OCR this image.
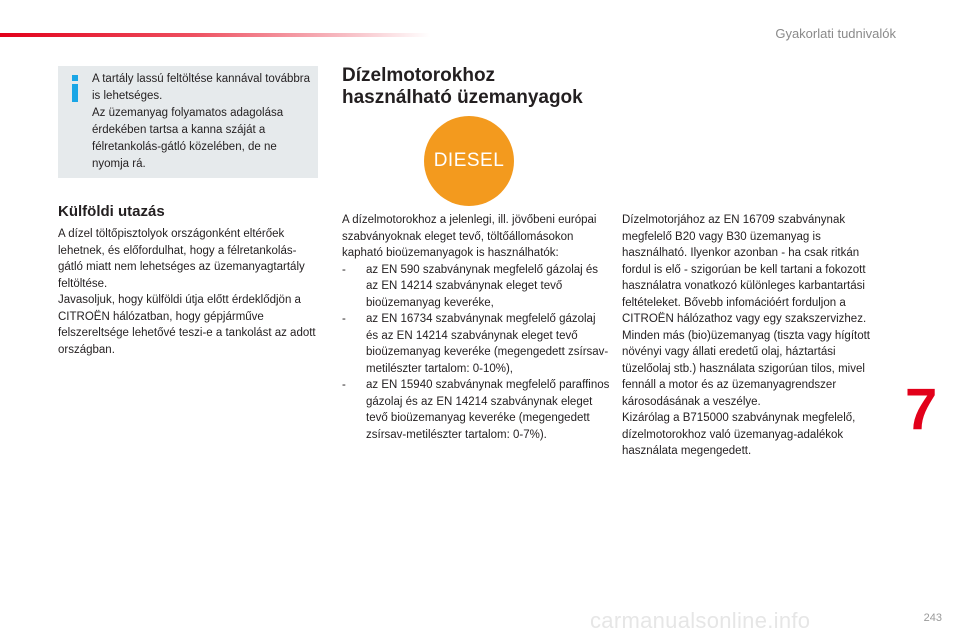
Gyakorlati tudnivalók

A tartály lassú feltöltése kannával továbbra is lehetséges.

Az üzemanyag folyamatos adagolása érdekében tartsa a kanna száját a félretankolás-gátló közelében, de ne nyomja rá.

Külföldi utazás

A dízel töltőpisztolyok országonként eltérőek lehetnek, és előfordulhat, hogy a félretankolás-gátló miatt nem lehetséges az üzemanyagtartály feltöltése.

Javasoljuk, hogy külföldi útja előtt érdeklődjön a CITROËN hálózatban, hogy gépjárműve felszereltsége lehetővé teszi-e a tankolást az adott országban.

Dízelmotorokhoz
használható üzemanyagok
DIESEL

A dízelmotorokhoz a jelenlegi, ill. jövőbeni európai szabványoknak eleget tevő, töltőállomásokon kapható bioüzemanyagok is használhatók:

- az EN 590 szabványnak megfelelő gázolaj és az EN 14214 szabványnak eleget tevő bioüzemanyag keveréke,
- az EN 16734 szabványnak megfelelő gázolaj és az EN 14214 szabványnak eleget tevő bioüzemanyag keveréke (megengedett zsírsav-metilészter tartalom: 0-10%),
- az EN 15940 szabványnak megfelelő paraffinos gázolaj és az EN 14214 szabványnak eleget tevő bioüzemanyag keveréke (megengedett zsírsav-metilészter tartalom: 0-7%).

Dízelmotorjához az EN 16709 szabványnak megfelelő B20 vagy B30 üzemanyag is használható. Ilyenkor azonban - ha csak ritkán fordul is elő - szigorúan be kell tartani a fokozott használatra vonatkozó különleges karbantartási feltételeket. Bővebb infomációért forduljon a CITROËN hálózathoz vagy egy szakszervizhez.

Minden más (bio)üzemanyag (tiszta vagy hígított növényi vagy állati eredetű olaj, háztartási tüzelőolaj stb.) használata szigorúan tilos, mivel fennáll a motor és az üzemanyagrendszer károsodásának a veszélye.

Kizárólag a B715000 szabványnak megfelelő, dízelmotorokhoz való üzemanyag-adalékok használata megengedett.

7
carmanualsonline.info	243
